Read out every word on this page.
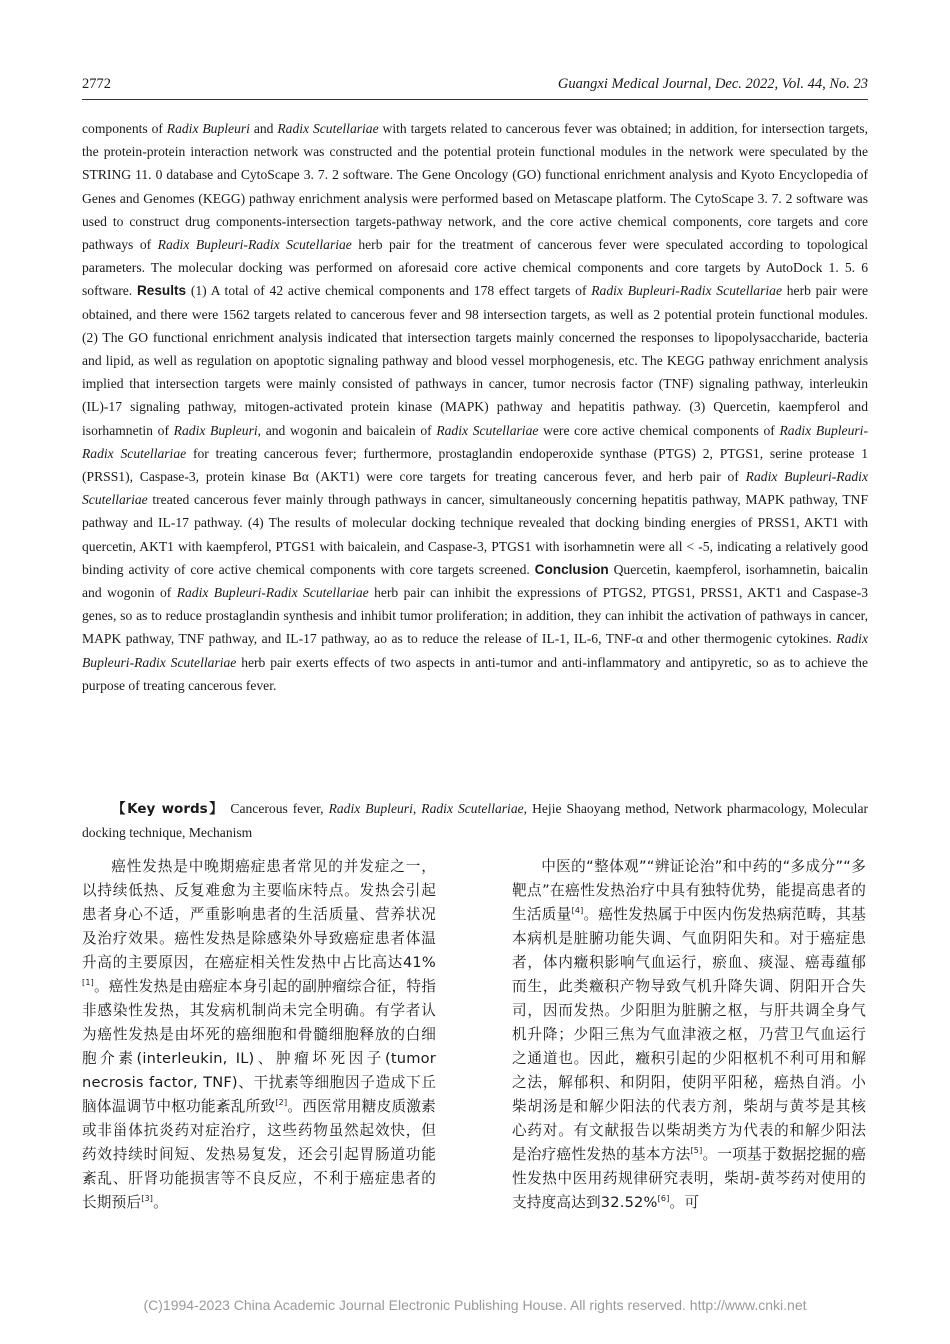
2772	Guangxi Medical Journal, Dec. 2022, Vol. 44, No. 23

components of Radix Bupleuri and Radix Scutellariae with targets related to cancerous fever was obtained; in addition, for intersection targets, the protein-protein interaction network was constructed and the potential protein functional modules in the network were speculated by the STRING 11. 0 database and CytoScape 3. 7. 2 software. The Gene Oncology (GO) functional enrichment analysis and Kyoto Encyclopedia of Genes and Genomes (KEGG) pathway enrichment analysis were performed based on Metascape platform. The CytoScape 3. 7. 2 software was used to construct drug components-intersection targets-pathway network, and the core active chemical components, core targets and core pathways of Radix Bupleuri-Radix Scutellariae herb pair for the treatment of cancerous fever were speculated according to topological parameters. The molecular docking was performed on aforesaid core active chemical components and core targets by AutoDock 1. 5. 6 software. Results (1) A total of 42 active chemical components and 178 effect targets of Radix Bupleuri-Radix Scutellariae herb pair were obtained, and there were 1562 targets related to cancerous fever and 98 intersection targets, as well as 2 potential protein functional modules. (2) The GO functional enrichment analysis indicated that intersection targets mainly concerned the responses to lipopolysaccharide, bacteria and lipid, as well as regulation on apoptotic signaling pathway and blood vessel morphogenesis, etc. The KEGG pathway enrichment analysis implied that intersection targets were mainly consisted of pathways in cancer, tumor necrosis factor (TNF) signaling pathway, interleukin (IL)-17 signaling pathway, mitogen-activated protein kinase (MAPK) pathway and hepatitis pathway. (3) Quercetin, kaempferol and isorhamnetin of Radix Bupleuri, and wogonin and baicalein of Radix Scutellariae were core active chemical components of Radix Bupleuri-Radix Scutellariae for treating cancerous fever; furthermore, prostaglandin endoperoxide synthase (PTGS) 2, PTGS1, serine protease 1 (PRSS1), Caspase-3, protein kinase Bα (AKT1) were core targets for treating cancerous fever, and herb pair of Radix Bupleuri-Radix Scutellariae treated cancerous fever mainly through pathways in cancer, simultaneously concerning hepatitis pathway, MAPK pathway, TNF pathway and IL-17 pathway. (4) The results of molecular docking technique revealed that docking binding energies of PRSS1, AKT1 with quercetin, AKT1 with kaempferol, PTGS1 with baicalein, and Caspase-3, PTGS1 with isorhamnetin were all < -5, indicating a relatively good binding activity of core active chemical components with core targets screened. Conclusion Quercetin, kaempferol, isorhamnetin, baicalin and wogonin of Radix Bupleuri-Radix Scutellariae herb pair can inhibit the expressions of PTGS2, PTGS1, PRSS1, AKT1 and Caspase-3 genes, so as to reduce prostaglandin synthesis and inhibit tumor proliferation; in addition, they can inhibit the activation of pathways in cancer, MAPK pathway, TNF pathway, and IL-17 pathway, ao as to reduce the release of IL-1, IL-6, TNF-α and other thermogenic cytokines. Radix Bupleuri-Radix Scutellariae herb pair exerts effects of two aspects in anti-tumor and anti-inflammatory and antipyretic, so as to achieve the purpose of treating cancerous fever.

【Key words】 Cancerous fever, Radix Bupleuri, Radix Scutellariae, Hejie Shaoyang method, Network pharmacology, Molecular docking technique, Mechanism

癌性发热是中晚期癌症患者常见的并发症之一，以持续低热、反复难愈为主要临床特点。发热会引起患者身心不适，严重影响患者的生活质量、营养状况及治疗效果。癌性发热是除感染外导致癌症患者体温升高的主要原因，在癌症相关性发热中占比高达41%[1]。癌性发热是由癌症本身引起的副肿瘤综合征，特指非感染性发热，其发病机制尚未完全明确。有学者认为癌性发热是由坏死的癌细胞和骨髓细胞释放的白细胞介素(interleukin, IL)、肿瘤坏死因子(tumor necrosis factor, TNF)、干扰素等细胞因子造成下丘脑体温调节中枢功能紊乱所致[2]。西医常用糖皮质激素或非甾体抗炎药对症治疗，这些药物虽然起效快，但药效持续时间短、发热易复发，还会引起胃肠道功能紊乱、肝肾功能损害等不良反应，不利于癌症患者的长期预后[3]。

中医的“整体观”“辨证论治”和中药的“多成分”“多靶点”在癌性发热治疗中具有独特优势，能提高患者的生活质量[4]。癌性发热属于中医内伤发热病范畴，其基本病机是脏腑功能失调、气血阴阳失和。对于癌症患者，体内癥积影响气血运行，瘀血、痰湿、癌毒蕴郁而生，此类癥积产物导致气机升降失调、阴阳开合失司，因而发热。少阳胆为脏腑之枢，与肝共调全身气机升降；少阳三焦为气血津液之枢，乃营卫气血运行之通道也。因此，癥积引起的少阳枢机不利可用和解之法，解郁积、和阴阳，使阴平阳秘，癌热自消。小柴胡汤是和解少阳法的代表方剂，柴胡与黄芩是其核心药对。有文献报告以柴胡类方为代表的和解少阳法是治疗癌性发热的基本方法[5]。一项基于数据挖掘的癌性发热中医用药规律研究表明，柴胡-黄芩药对使用的支持度高达到32.52%[6]。可

(C)1994-2023 China Academic Journal Electronic Publishing House. All rights reserved. http://www.cnki.net
